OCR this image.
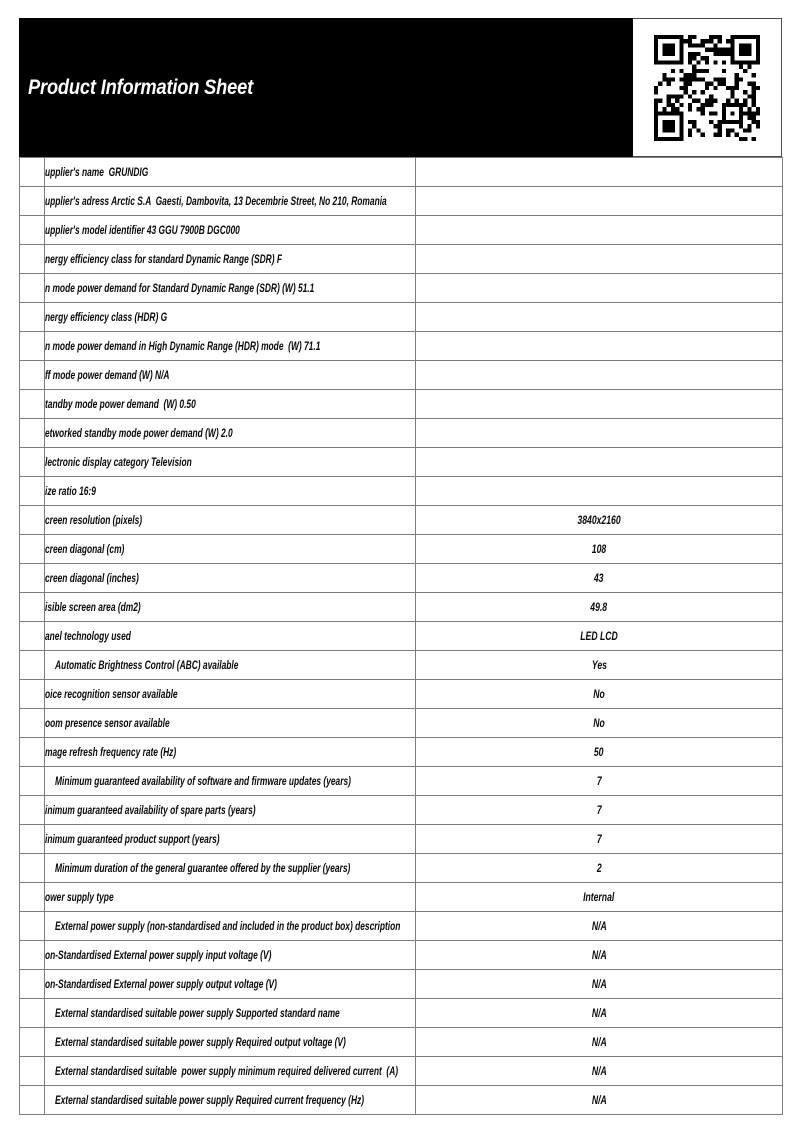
Product Information Sheet
1	upplier's name  GRUNDIG	
2	upplier's adress Arctic S.A  Gaesti, Dambovita, 13 Decembrie Street, No 210, Romania	
3	upplier's model identifier 43 GGU 7900B DGC000	
4	nergy efficiency class for standard Dynamic Range (SDR) F	
5	n mode power demand for Standard Dynamic Range (SDR) (W) 51.1	
6	nergy efficiency class (HDR) G	
7	n mode power demand in High Dynamic Range (HDR) mode  (W) 71.1	
8	ff mode power demand (W) N/A	
9	tandby mode power demand  (W) 0.50	
10	etworked standby mode power demand (W) 2.0	
11	lectronic display category Television	
12	ize ratio 16:9	
13	creen resolution (pixels)	3840x2160
14	creen diagonal (cm)	108
15	creen diagonal (inches)	43
16	isible screen area (dm2)	49.8
17	anel technology used	LED LCD
18	Automatic Brightness Control (ABC) available	Yes
19	oice recognition sensor available	No
20	oom presence sensor available	No
21	mage refresh frequency rate (Hz)	50
22	Minimum guaranteed availability of software and firmware updates (years)	7
23	inimum guaranteed availability of spare parts (years)	7
24	inimum guaranteed product support (years)	7
25	Minimum duration of the general guarantee offered by the supplier (years)	2
26	ower supply type	Internal
27	External power supply (non-standardised and included in the product box) description	N/A
28	on-Standardised External power supply input voltage (V)	N/A
29	on-Standardised External power supply output voltage (V)	N/A
30	External standardised suitable power supply Supported standard name	N/A
31	External standardised suitable power supply Required output voltage (V)	N/A
32	External standardised suitable  power supply minimum required delivered current  (A)	N/A
33	External standardised suitable power supply Required current frequency (Hz)	N/A
